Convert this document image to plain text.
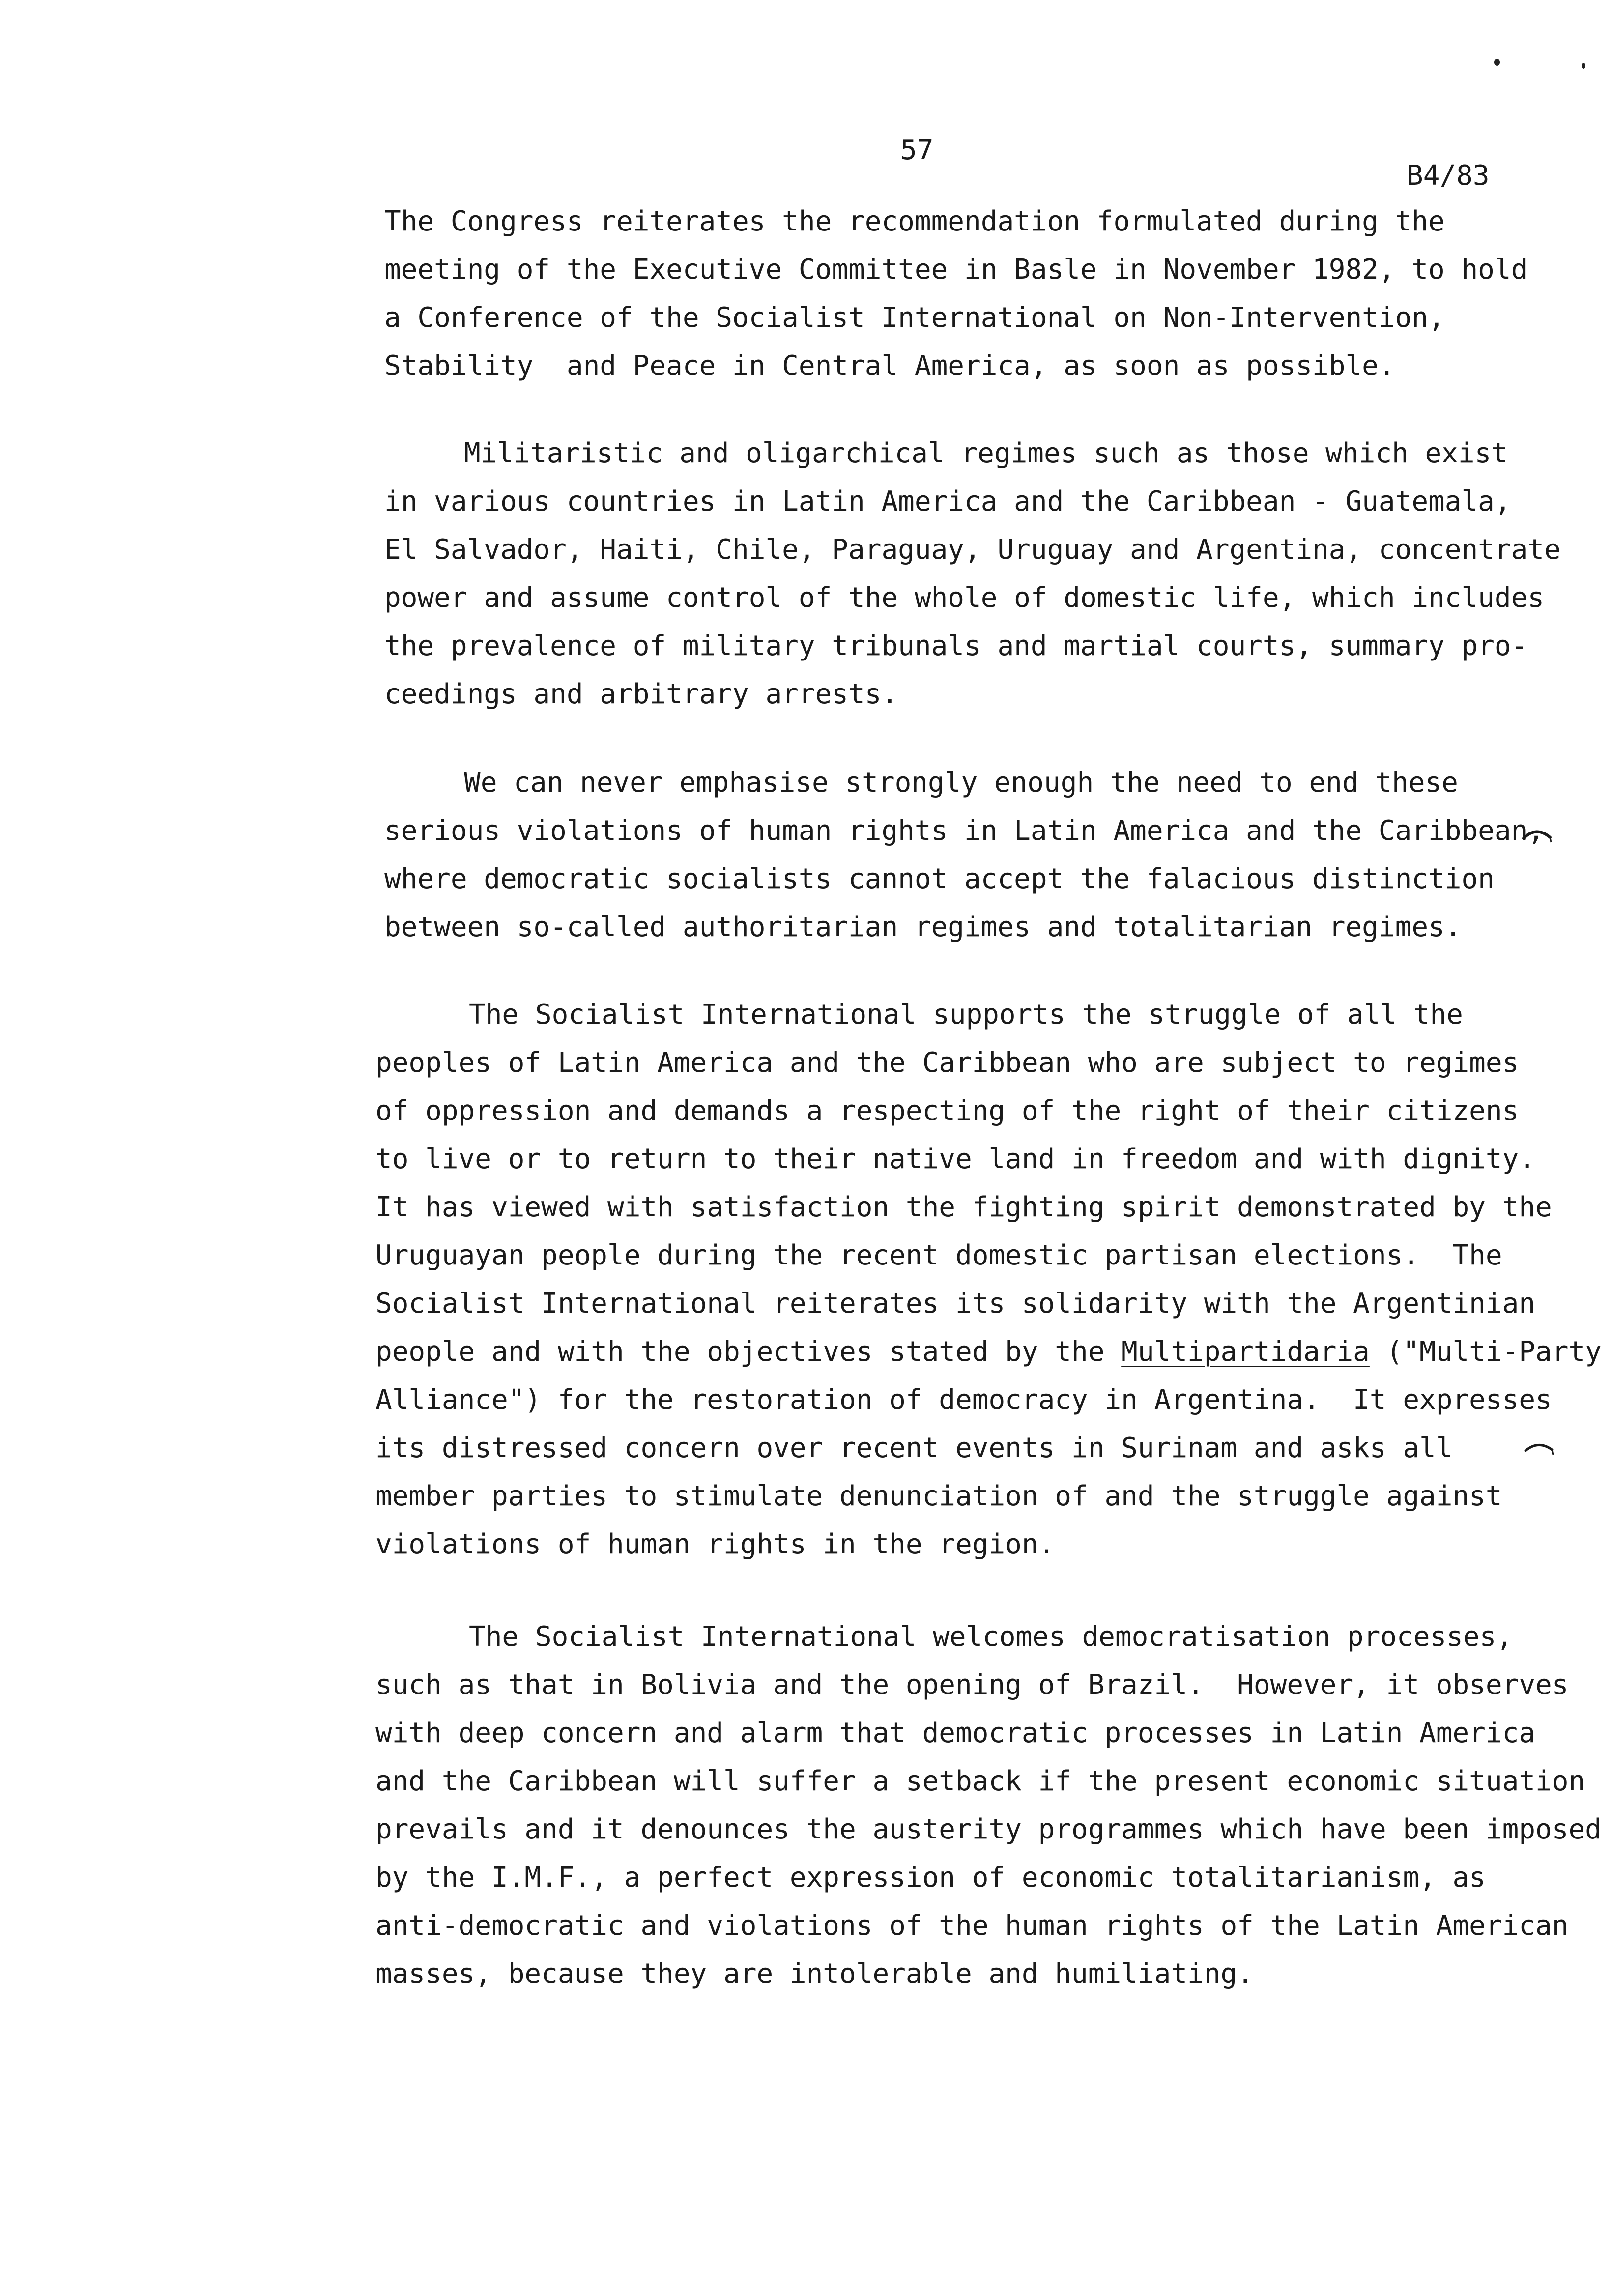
57

B4/83

The Congress reiterates the recommendation formulated during the
meeting of the Executive Committee in Basle in November 1982, to hold
a Conference of the Socialist International on Non-Intervention,
Stability  and Peace in Central America, as soon as possible.

Militaristic and oligarchical regimes such as those which exist
in various countries in Latin America and the Caribbean - Guatemala,
El Salvador, Haiti, Chile, Paraguay, Uruguay and Argentina, concentrate
power and assume control of the whole of domestic life, which includes
the prevalence of military tribunals and martial courts, summary pro-
ceedings and arbitrary arrests.

We can never emphasise strongly enough the need to end these
serious violations of human rights in Latin America and the Caribbean,
where democratic socialists cannot accept the falacious distinction
between so-called authoritarian regimes and totalitarian regimes.

The Socialist International supports the struggle of all the
peoples of Latin America and the Caribbean who are subject to regimes
of oppression and demands a respecting of the right of their citizens
to live or to return to their native land in freedom and with dignity.
It has viewed with satisfaction the fighting spirit demonstrated by the
Uruguayan people during the recent domestic partisan elections.  The
Socialist International reiterates its solidarity with the Argentinian
people and with the objectives stated by the Multipartidaria ("Multi-Party
Alliance") for the restoration of democracy in Argentina.  It expresses
its distressed concern over recent events in Surinam and asks all
member parties to stimulate denunciation of and the struggle against
violations of human rights in the region.

The Socialist International welcomes democratisation processes,
such as that in Bolivia and the opening of Brazil.  However, it observes
with deep concern and alarm that democratic processes in Latin America
and the Caribbean will suffer a setback if the present economic situation
prevails and it denounces the austerity programmes which have been imposed
by the I.M.F., a perfect expression of economic totalitarianism, as
anti-democratic and violations of the human rights of the Latin American
masses, because they are intolerable and humiliating.
